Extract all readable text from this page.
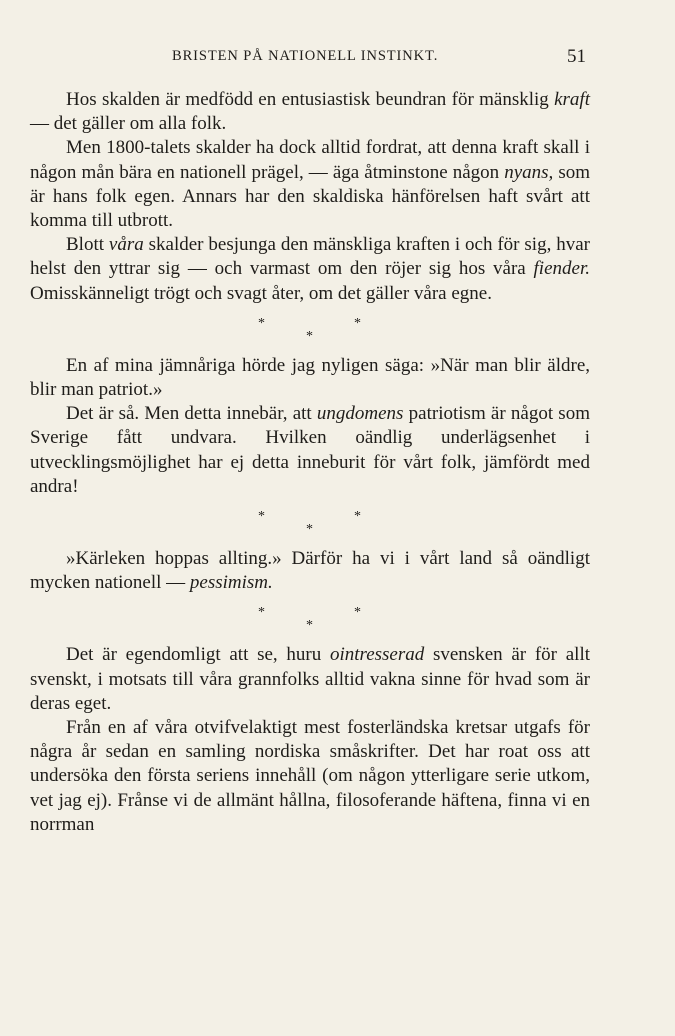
BRISTEN PÅ NATIONELL INSTINKT.	51

Hos skalden är medfödd en entusiastisk beundran för mänsklig kraft — det gäller om alla folk.

Men 1800-talets skalder ha dock alltid fordrat, att denna kraft skall i någon mån bära en nationell prägel, — äga åtminstone någon nyans, som är hans folk egen. Annars har den skaldiska hänförelsen haft svårt att komma till utbrott.

Blott våra skalder besjunga den mänskliga kraften i och för sig, hvar helst den yttrar sig — och varmast om den röjer sig hos våra fiender. Omisskänneligt trögt och svagt åter, om det gäller våra egne.

*	*
*

En af mina jämnåriga hörde jag nyligen säga: »När man blir äldre, blir man patriot.»

Det är så. Men detta innebär, att ungdomens patriotism är något som Sverige fått undvara. Hvilken oändlig underlägsenhet i utvecklingsmöjlighet har ej detta inneburit för vårt folk, jämfördt med andra!

*	*
*

»Kärleken hoppas allting.» Därför ha vi i vårt land så oändligt mycken nationell — pessimism.

*	*
*

Det är egendomligt att se, huru ointresserad svensken är för allt svenskt, i motsats till våra grannfolks alltid vakna sinne för hvad som är deras eget.

Från en af våra otvifvelaktigt mest fosterländska kretsar utgafs för några år sedan en samling nordiska småskrifter. Det har roat oss att undersöka den första seriens innehåll (om någon ytterligare serie utkom, vet jag ej). Frånse vi de allmänt hållna, filosoferande häftena, finna vi en norrman
